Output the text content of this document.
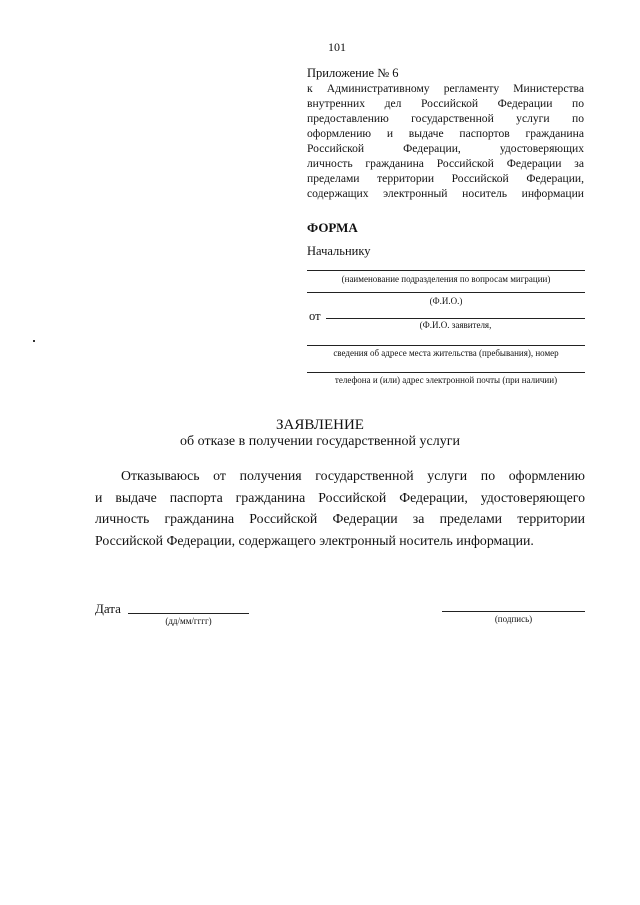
101
Приложение № 6
к Административному регламенту Министерства
внутренних дел Российской Федерации по
предоставлению государственной услуги по
оформлению и выдаче паспортов гражданина
Российской Федерации, удостоверяющих
личность гражданина Российской Федерации за
пределами территории Российской Федерации,
содержащих электронный носитель информации
ФОРМА
Начальнику
(наименование подразделения по вопросам миграции)
(Ф.И.О.)
от
(Ф.И.О. заявителя,
сведения об адресе места жительства (пребывания), номер
телефона и (или) адрес электронной почты (при наличии)
ЗАЯВЛЕНИЕ
об отказе в получении государственной услуги
Отказываюсь от получения государственной услуги по оформлению
и выдаче паспорта гражданина Российской Федерации, удостоверяющего
личность гражданина Российской Федерации за пределами территории
Российской Федерации, содержащего электронный носитель информации.
Дата
(дд/мм/гггг)	(подпись)
